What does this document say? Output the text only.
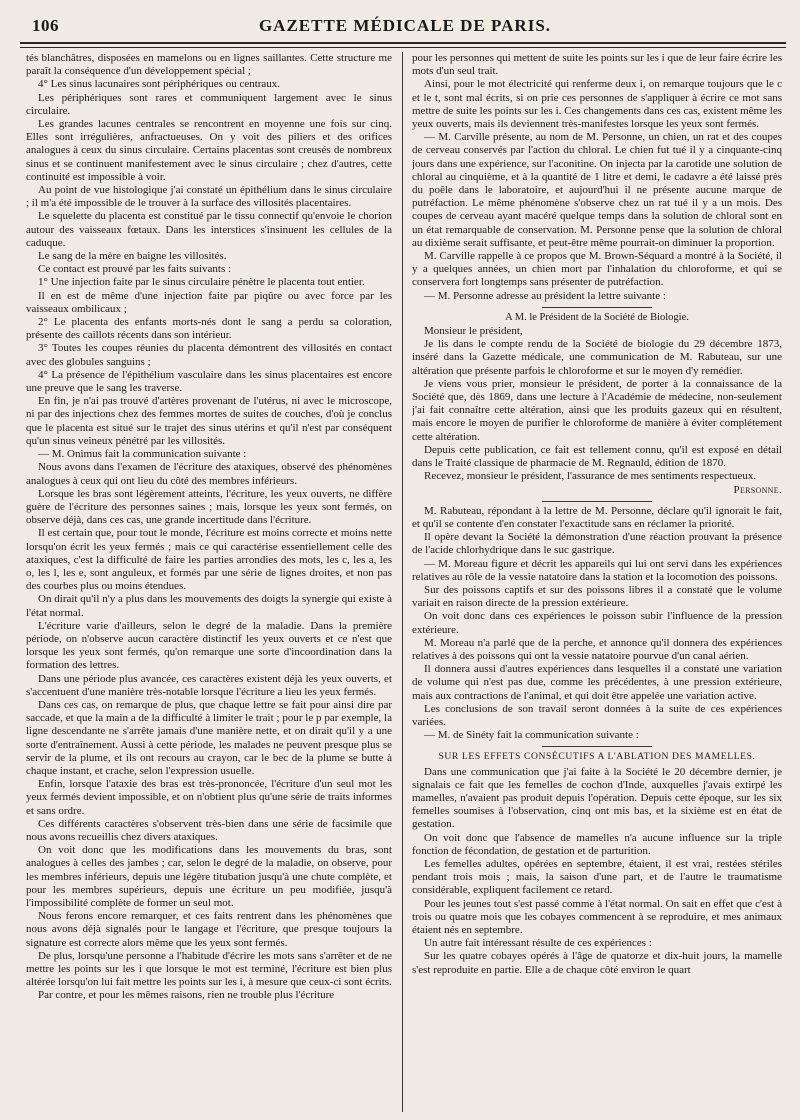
106	GAZETTE MÉDICALE DE PARIS.

tés blanchâtres, disposées en mamelons ou en lignes saillantes. Cette structure me paraît la conséquence d'un développement spécial ;

4° Les sinus lacunaires sont périphériques ou centraux.

Les périphériques sont rares et communiquent largement avec le sinus circulaire.

Les grandes lacunes centrales se rencontrent en moyenne une fois sur cinq. Elles sont irrégulières, anfractueuses. On y voit des piliers et des orifices analogues à ceux du sinus circulaire. Certains placentas sont creusés de nombreux sinus et se continuent manifestement avec le sinus circulaire ; chez d'autres, cette continuité est impossible à voir.

Au point de vue histologique j'ai constaté un épithélium dans le sinus circulaire ; il m'a été impossible de le trouver à la surface des villosités placentaires.

Le squelette du placenta est constitué par le tissu connectif qu'envoie le chorion autour des vaisseaux fœtaux. Dans les interstices s'insinuent les cellules de la caduque.

Le sang de la mère en baigne les villosités.

Ce contact est prouvé par les faits suivants :

1° Une injection faite par le sinus circulaire pénètre le placenta tout entier.

Il en est de même d'une injection faite par piqûre ou avec force par les vaisseaux ombilicaux ;

2° Le placenta des enfants morts-nés dont le sang a perdu sa coloration, présente des caillots récents dans son intérieur.

3° Toutes les coupes réunies du placenta démontrent des villosités en contact avec des globules sanguins ;

4° La présence de l'épithélium vasculaire dans les sinus placentaires est encore une preuve que le sang les traverse.

En fin, je n'ai pas trouvé d'artères provenant de l'utérus, ni avec le microscope, ni par des injections chez des femmes mortes de suites de couches, d'où je conclus que le placenta est situé sur le trajet des sinus utérins et qu'il n'est par conséquent qu'un sinus veineux pénétré par les villosités.

— M. Onimus fait la communication suivante :

Nous avons dans l'examen de l'écriture des ataxiques, observé des phénomènes analogues à ceux qui ont lieu du côté des membres inférieurs.

Lorsque les bras sont légèrement atteints, l'écriture, les yeux ouverts, ne diffère guère de l'écriture des personnes saines ; mais, lorsque les yeux sont fermés, on observe déjà, dans ces cas, une grande incertitude dans l'écriture.

Il est certain que, pour tout le monde, l'écriture est moins correcte et moins nette lorsqu'on écrit les yeux fermés ; mais ce qui caractérise essentiellement celle des ataxiques, c'est la difficulté de faire les parties arrondies des mots, les c, les a, les o, les l, les e, sont anguleux, et formés par une série de lignes droites, et non pas des courbes plus ou moins étendues.

On dirait qu'il n'y a plus dans les mouvements des doigts la synergie qui existe à l'état normal.

L'écriture varie d'ailleurs, selon le degré de la maladie. Dans la première période, on n'observe aucun caractère distinctif les yeux ouverts et ce n'est que lorsque les yeux sont fermés, qu'on remarque une sorte d'incoordination dans la formation des lettres.

Dans une période plus avancée, ces caractères existent déjà les yeux ouverts, et s'accentuent d'une manière très-notable lorsque l'écriture a lieu les yeux fermés.

Dans ces cas, on remarque de plus, que chaque lettre se fait pour ainsi dire par saccade, et que la main a de la difficulté à limiter le trait ; pour le p par exemple, la ligne descendante ne s'arrête jamais d'une manière nette, et on dirait qu'il y a une sorte d'entraînement. Aussi à cette période, les malades ne peuvent presque plus se servir de la plume, et ils ont recours au crayon, car le bec de la plume se butte à chaque instant, et crache, selon l'expression usuelle.

Enfin, lorsque l'ataxie des bras est très-prononcée, l'écriture d'un seul mot les yeux fermés devient impossible, et on n'obtient plus qu'une série de traits informes et sans ordre.

Ces différents caractères s'observent très-bien dans une série de facsimile que nous avons recueillis chez divers ataxiques.

On voit donc que les modifications dans les mouvements du bras, sont analogues à celles des jambes ; car, selon le degré de la maladie, on observe, pour les membres inférieurs, depuis une légère titubation jusqu'à une chute complète, et pour les membres supérieurs, depuis une écriture un peu modifiée, jusqu'à l'impossibilité complète de former un seul mot.

Nous ferons encore remarquer, et ces faits rentrent dans les phénomènes que nous avons déjà signalés pour le langage et l'écriture, que presque toujours la signature est correcte alors même que les yeux sont fermés.

De plus, lorsqu'une personne a l'habitude d'écrire les mots sans s'arrêter et de ne mettre les points sur les i que lorsque le mot est terminé, l'écriture est bien plus altérée lorsqu'on lui fait mettre les points sur les i, à mesure que ceux-ci sont écrits.

Par contre, et pour les mêmes raisons, rien ne trouble plus l'écriture

pour les personnes qui mettent de suite les points sur les i que de leur faire écrire les mots d'un seul trait.

Ainsi, pour le mot électricité qui renferme deux i, on remarque toujours que le c et le t, sont mal écrits, si on prie ces personnes de s'appliquer à écrire ce mot sans mettre de suite les points sur les i. Ces changements dans ces cas, existent même les yeux ouverts, mais ils deviennent très-manifestes lorsque les yeux sont fermés.

— M. Carville présente, au nom de M. Personne, un chien, un rat et des coupes de cerveau conservés par l'action du chloral. Le chien fut tué il y a cinquante-cinq jours dans une expérience, sur l'aconitine. On injecta par la carotide une solution de chloral au cinquième, et à la quantité de 1 litre et demi, le cadavre a été laissé près du poêle dans le laboratoire, et aujourd'hui il ne présente aucune marque de putréfaction. Le même phénomène s'observe chez un rat tué il y a un mois. Des coupes de cerveau ayant macéré quelque temps dans la solution de chloral sont en un état remarquable de conservation. M. Personne pense que la solution de chloral au dixième serait suffisante, et peut-être même pourrait-on diminuer la proportion.

M. Carville rappelle à ce propos que M. Brown-Séquard a montré à la Société, il y a quelques années, un chien mort par l'inhalation du chloroforme, et qui se conservera fort longtemps sans présenter de putréfaction.

— M. Personne adresse au président la lettre suivante :

A M. le Président de la Société de Biologie.

Monsieur le président,

Je lis dans le compte rendu de la Société de biologie du 29 décembre 1873, inséré dans la Gazette médicale, une communication de M. Rabuteau, sur une altération que présente parfois le chloroforme et sur le moyen d'y remédier.

Je viens vous prier, monsieur le président, de porter à la connaissance de la Société que, dès 1869, dans une lecture à l'Académie de médecine, non-seulement j'ai fait connaître cette altération, ainsi que les produits gazeux qui en résultent, mais encore le moyen de purifier le chloroforme de manière à éviter complétement cette altération.

Depuis cette publication, ce fait est tellement connu, qu'il est exposé en détail dans le Traité classique de pharmacie de M. Regnauld, édition de 1870.

Recevez, monsieur le président, l'assurance de mes sentiments respectueux.

Personne.

M. Rabuteau, répondant à la lettre de M. Personne, déclare qu'il ignorait le fait, et qu'il se contente d'en constater l'exactitude sans en réclamer la priorité.

Il opère devant la Société la démonstration d'une réaction prouvant la présence de l'acide chlorhydrique dans le suc gastrique.

— M. Moreau figure et décrit les appareils qui lui ont servi dans les expériences relatives au rôle de la vessie natatoire dans la station et la locomotion des poissons.

Sur des poissons captifs et sur des poissons libres il a constaté que le volume variait en raison directe de la pression extérieure.

On voit donc dans ces expériences le poisson subir l'influence de la pression extérieure.

M. Moreau n'a parlé que de la perche, et annonce qu'il donnera des expériences relatives à des poissons qui ont la vessie natatoire pourvue d'un canal aérien.

Il donnera aussi d'autres expériences dans lesquelles il a constaté une variation de volume qui n'est pas due, comme les précédentes, à une pression extérieure, mais aux contractions de l'animal, et qui doit être appelée une variation active.

Les conclusions de son travail seront données à la suite de ces expériences variées.

— M. de Sinéty fait la communication suivante :

SUR LES EFFETS CONSÉCUTIFS A L'ABLATION DES MAMELLES.

Dans une communication que j'ai faite à la Société le 20 décembre dernier, je signalais ce fait que les femelles de cochon d'Inde, auxquelles j'avais extirpé les mamelles, n'avaient pas produit depuis l'opération. Depuis cette époque, sur les six femelles soumises à l'observation, cinq ont mis bas, et la sixième est en état de gestation.

On voit donc que l'absence de mamelles n'a aucune influence sur la triple fonction de fécondation, de gestation et de parturition.

Les femelles adultes, opérées en septembre, étaient, il est vrai, restées stériles pendant trois mois ; mais, la saison d'une part, et de l'autre le traumatisme considérable, expliquent facilement ce retard.

Pour les jeunes tout s'est passé comme à l'état normal. On sait en effet que c'est à trois ou quatre mois que les cobayes commencent à se reproduire, et mes animaux étaient nés en septembre.

Un autre fait intéressant résulte de ces expériences :

Sur les quatre cobayes opérés à l'âge de quatorze et dix-huit jours, la mamelle s'est reproduite en partie. Elle a de chaque côté environ le quart
